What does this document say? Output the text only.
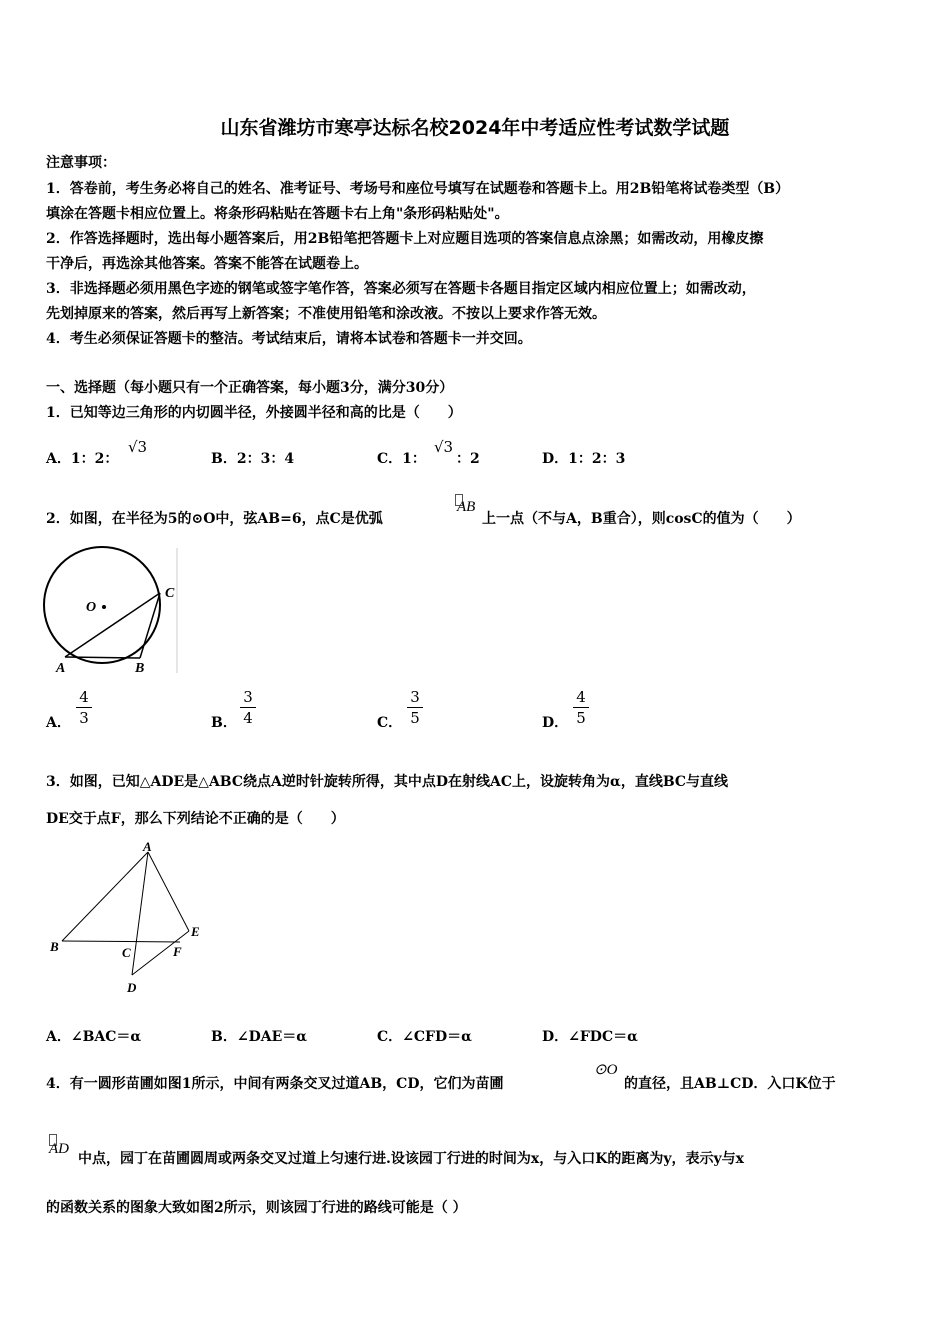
山东省潍坊市寒亭达标名校2024年中考适应性考试数学试题
注意事项：
1．答卷前，考生务必将自己的姓名、准考证号、考场号和座位号填写在试题卷和答题卡上。用2B铅笔将试卷类型（B）
填涂在答题卡相应位置上。将条形码粘贴在答题卡右上角"条形码粘贴处"。
2．作答选择题时，选出每小题答案后，用2B铅笔把答题卡上对应题目选项的答案信息点涂黑；如需改动，用橡皮擦
干净后，再选涂其他答案。答案不能答在试题卷上。
3．非选择题必须用黑色字迹的钢笔或签字笔作答，答案必须写在答题卡各题目指定区域内相应位置上；如需改动，
先划掉原来的答案，然后再写上新答案；不准使用铅笔和涂改液。不按以上要求作答无效。
4．考生必须保证答题卡的整洁。考试结束后，请将本试卷和答题卡一并交回。
一、选择题（每小题只有一个正确答案，每小题3分，满分30分）
1．已知等边三角形的内切圆半径，外接圆半径和高的比是（　　）
A．1：2：
√3
B．2：3：4	C．1：
√3
：2	D．1：2：3
2．如图，在半径为5的⊙O中，弦AB=6，点C是优弧
AB
上一点（不与A，B重合），则cosC的值为（　　）
O
C
A	B
A．
4
3	B．
3
4	C．
3
5	D．
4
5
3．如图，已知△ADE是△ABC绕点A逆时针旋转所得，其中点D在射线AC上，设旋转角为α，直线BC与直线
DE交于点F，那么下列结论不正确的是（　　）
A
B	C
D
E
F
A．∠BAC＝α	B．∠DAE＝α	C．∠CFD＝α	D．∠FDC＝α
4．有一圆形苗圃如图1所示，中间有两条交叉过道AB，CD，它们为苗圃
⊙O
的直径，且AB⊥CD．入口K位于
AD
中点，园丁在苗圃圆周或两条交叉过道上匀速行进.设该园丁行进的时间为x，与入口K的距离为y，表示y与x
的函数关系的图象大致如图2所示，则该园丁行进的路线可能是（ ）
